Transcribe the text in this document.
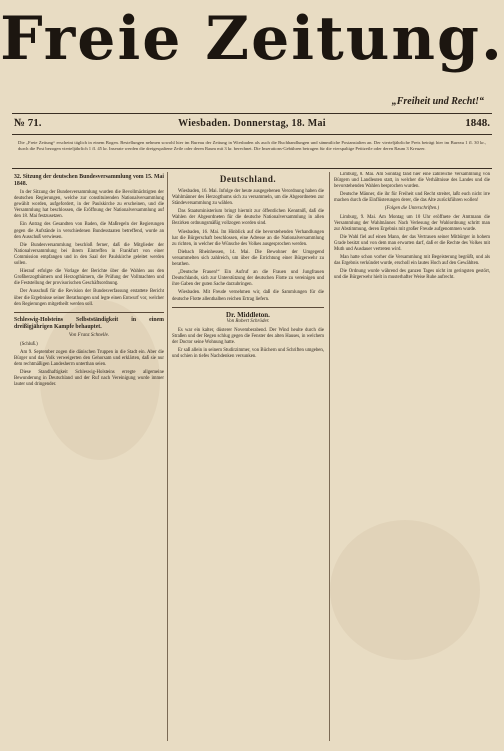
Freie Zeitung.
„Freiheit und Recht!“
№ 71.	Wiesbaden. Donnerstag, 18. Mai	1848.
Die „Freie Zeitung“ erscheint täglich in einem Bogen. Bestellungen nehmen sowohl hier im Bureau der Zeitung in Wiesbaden als auch die Buchhandlungen und sämmtliche Postanstalten an. Der vierteljährliche Preis beträgt hier im Bureau 1 fl. 30 kr., durch die Post bezogen vierteljährlich 1 fl. 45 kr. Inserate werden die dreigespaltene Zeile oder deren Raum mit 3 kr. berechnet. Die Inserations-Gebühren betragen für die vierspaltige Petitzeile oder deren Raum 3 Kreuzer.
32. Sitzung der deutschen Bundesversammlung vom 15. Mai 1848.

In der Sitzung der Bundesversammlung wurden die Bevollmächtigten der deutschen Regierungen, welche zur constituirenden Nationalversammlung gewählt worden, aufgefordert, in der Paulskirche zu erscheinen, und die Versammlung hat beschlossen, die Eröffnung der Nationalversammlung auf den 18. Mai festzusetzen.

Ein Antrag des Gesandten von Baden, die Maßregeln der Regierungen gegen die Aufstände in verschiedenen Bundesstaaten betreffend, wurde an den Ausschuß verwiesen.

Die Bundesversammlung beschloß ferner, daß die Mitglieder der Nationalversammlung bei ihrem Eintreffen in Frankfurt von einer Commission empfangen und in den Saal der Paulskirche geleitet werden sollen.

Hierauf erfolgte die Vorlage der Berichte über die Wahlen aus den Großherzogthümern und Herzogthümern, die Prüfung der Vollmachten und die Feststellung der provisorischen Geschäftsordnung.

Der Ausschuß für die Revision der Bundesverfassung erstattete Bericht über die Ergebnisse seiner Berathungen und legte einen Entwurf vor, welcher den Regierungen mitgetheilt werden soll.

Schleswig-Holsteins Selbstständigkeit in einem dreißigjährigen Kampfe behauptet.
Von Franz Schnelle.

(Schluß.)

Am 9. September zogen die dänischen Truppen in die Stadt ein. Aber die Bürger und das Volk verweigerten den Gehorsam und erklärten, daß sie nur dem rechtmäßigen Landesherrn unterthan seien.

Diese Standhaftigkeit Schleswig-Holsteins erregte allgemeine Bewunderung in Deutschland und der Ruf nach Vereinigung wurde immer lauter und dringender.

Deutschland.

Wiesbaden, 16. Mai. Infolge der heute ausgegebenen Verordnung haben die Wahlmänner des Herzogthums sich zu versammeln, um die Abgeordneten zur Ständeversammlung zu wählen.

Das Staatsministerium bringt hiermit zur öffentlichen Kenntniß, daß die Wahlen der Abgeordneten für die deutsche Nationalversammlung in allen Bezirken ordnungsmäßig vollzogen worden sind.

Wiesbaden, 16. Mai. Im Hinblick auf die bevorstehenden Verhandlungen hat die Bürgerschaft beschlossen, eine Adresse an die Nationalversammlung zu richten, in welcher die Wünsche des Volkes ausgesprochen werden.

Diebach Rheinhessen, 14. Mai. Die Bewohner der Umgegend versammelten sich zahlreich, um über die Errichtung einer Bürgerwehr zu berathen.

„Deutsche Frauen!“ Ein Aufruf an die Frauen und Jungfrauen Deutschlands, sich zur Unterstützung der deutschen Flotte zu vereinigen und ihre Gaben der guten Sache darzubringen.

Wiesbaden. Mit Freude vernehmen wir, daß die Sammlungen für die deutsche Flotte allenthalben reichen Ertrag liefern.

Dr. Middleton.
Von Robert Schröder.

Es war ein kalter, düsterer Novemberabend. Der Wind heulte durch die Straßen und der Regen schlug gegen die Fenster des alten Hauses, in welchem der Doctor seine Wohnung hatte.

Er saß allein in seinem Studirzimmer, von Büchern und Schriften umgeben, und schien in tiefes Nachdenken versunken.

Limburg, 8. Mai. Am Sonntag fand hier eine zahlreiche Versammlung von Bürgern und Landleuten statt, in welcher die Verhältnisse des Landes und die bevorstehenden Wahlen besprochen wurden.

Deutsche Männer, die ihr für Freiheit und Recht streitet, laßt euch nicht irre machen durch die Einflüsterungen derer, die das Alte zurückführen wollen!

(Folgen die Unterschriften.)

Limburg, 9. Mai. Am Montag um 10 Uhr eröffnete der Amtmann die Versammlung der Wahlmänner. Nach Verlesung der Wahlordnung schritt man zur Abstimmung, deren Ergebnis mit großer Freude aufgenommen wurde.

Die Wahl fiel auf einen Mann, der das Vertrauen seiner Mitbürger in hohem Grade besitzt und von dem man erwarten darf, daß er die Rechte des Volkes mit Muth und Ausdauer vertreten wird.

Man hatte schon vorher die Versammlung mit Begeisterung begrüßt, und als das Ergebnis verkündet wurde, erscholl ein lautes Hoch auf den Gewählten.

Die Ordnung wurde während des ganzen Tages nicht im geringsten gestört, und die Bürgerwehr hielt in musterhafter Weise Ruhe aufrecht.
